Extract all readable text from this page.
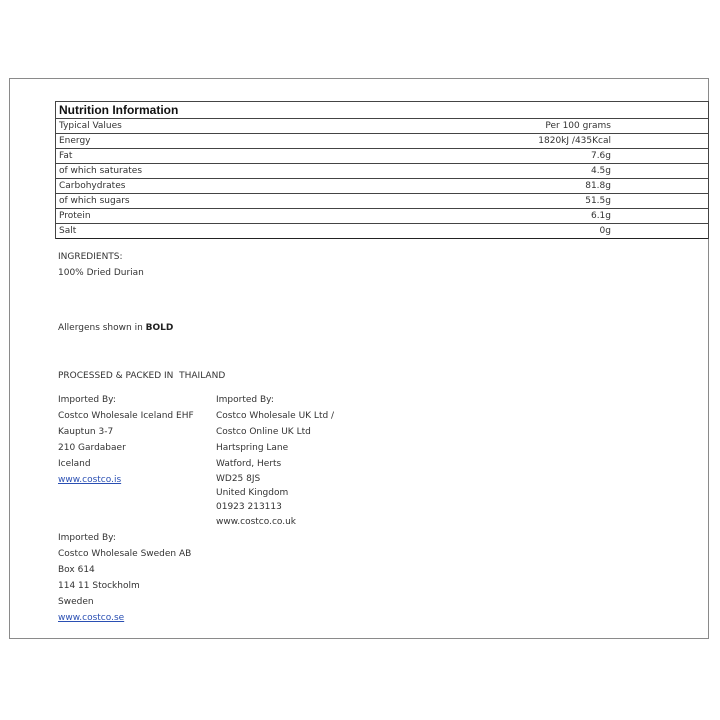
Nutrition Information
Typical Values	Per 100 grams
Energy	1820kJ /435Kcal
Fat	7.6g
of which saturates	4.5g
Carbohydrates	81.8g
of which sugars	51.5g
Protein	6.1g
Salt	0g
INGREDIENTS:
100% Dried Durian
Allergens shown in BOLD
PROCESSED & PACKED IN  THAILAND
Imported By:
Costco Wholesale Iceland EHF
Kauptun 3-7
210 Gardabaer
Iceland
www.costco.is
Imported By:
Costco Wholesale UK Ltd /
Costco Online UK Ltd
Hartspring Lane
Watford, Herts
WD25 8JS
United Kingdom
01923 213113
www.costco.co.uk
Imported By:
Costco Wholesale Sweden AB
Box 614
114 11 Stockholm
Sweden
www.costco.se
